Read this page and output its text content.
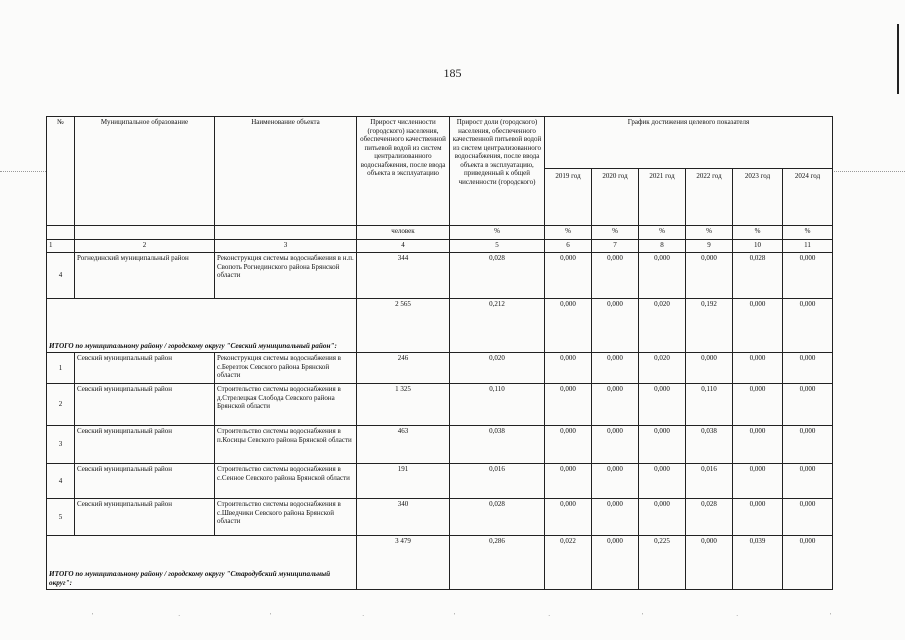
185
№	Муниципальное образование	Наименование объекта	Прирост численности (городского) населения, обеспеченного качественной питьевой водой из систем централизованного водоснабжения, после ввода объекта в эксплуатацию	Прирост доли (городского) населения, обеспеченного качественной питьевой водой из систем централизованного водоснабжения, после ввода объекта в эксплуатацию, приведенный к общей численности (городского)	График достижения целевого показателя					
					2019 год	2020 год	2021 год	2022 год	2023 год	2024 год
			человек	%	%	%	%	%	%	%
1	2	3	4	5	6	7	8	9	10	11
4	Рогнединский муниципальный район	Реконструкция системы водоснабжения в н.п. Свопоть Рогнединского района Брянской области	344	0,028	0,000	0,000	0,000	0,000	0,028	0,000
ИТОГО по муниципальному району / городскому округу "Севский муниципальный район":			2 565	0,212	0,000	0,000	0,020	0,192	0,000	0,000
1	Севский муниципальный район	Реконструкция системы водоснабжения в с.Березток Севского района Брянской области	246	0,020	0,000	0,000	0,020	0,000	0,000	0,000
2	Севский муниципальный район	Строительство системы водоснабжения в д.Стрелецкая Слобода Севского района Брянской области	1 325	0,110	0,000	0,000	0,000	0,110	0,000	0,000
3	Севский муниципальный район	Строительство системы водоснабжения в п.Косицы Севского района Брянской области	463	0,038	0,000	0,000	0,000	0,038	0,000	0,000
4	Севский муниципальный район	Строительство системы водоснабжения в с.Сенное Севского района Брянской области	191	0,016	0,000	0,000	0,000	0,016	0,000	0,000
5	Севский муниципальный район	Строительство системы водоснабжения в с.Шведчики Севского района Брянской области	340	0,028	0,000	0,000	0,000	0,028	0,000	0,000
ИТОГО по муниципальному району / городскому округу "Стародубский муниципальный округ":			3 479	0,286	0,022	0,000	0,225	0,000	0,039	0,000
'	·	'	·	'	·	'	·	'
